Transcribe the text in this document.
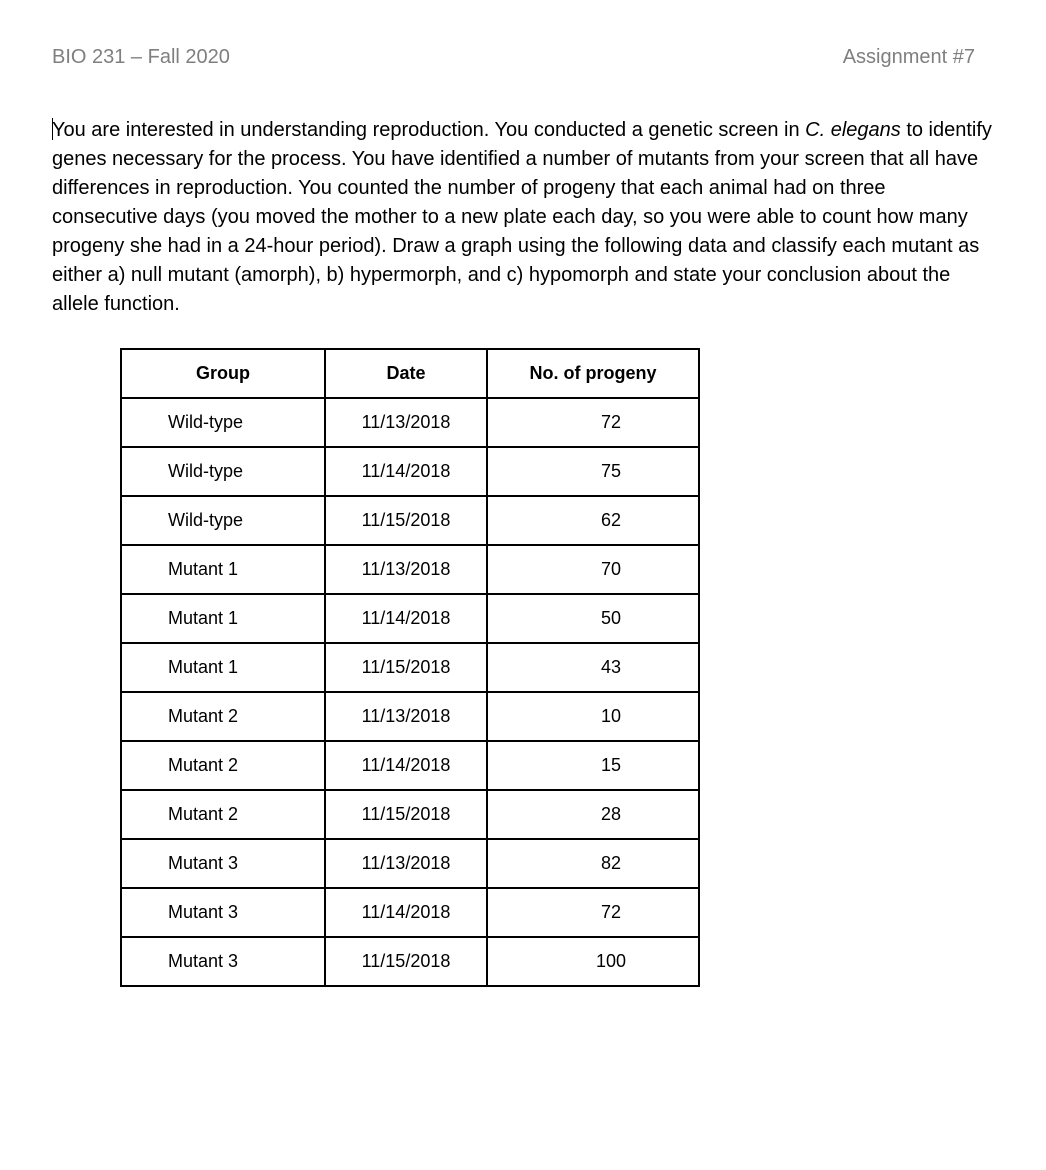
BIO 231 – Fall 2020	Assignment #7
You are interested in understanding reproduction. You conducted a genetic screen in C. elegans to identify genes necessary for the process. You have identified a number of mutants from your screen that all have differences in reproduction. You counted the number of progeny that each animal had on three consecutive days (you moved the mother to a new plate each day, so you were able to count how many progeny she had in a 24-hour period). Draw a graph using the following data and classify each mutant as either a) null mutant (amorph), b) hypermorph, and c) hypomorph and state your conclusion about the allele function.
Group	Date	No. of progeny
Wild-type	11/13/2018	72
Wild-type	11/14/2018	75
Wild-type	11/15/2018	62
Mutant 1	11/13/2018	70
Mutant 1	11/14/2018	50
Mutant 1	11/15/2018	43
Mutant 2	11/13/2018	10
Mutant 2	11/14/2018	15
Mutant 2	11/15/2018	28
Mutant 3	11/13/2018	82
Mutant 3	11/14/2018	72
Mutant 3	11/15/2018	100
